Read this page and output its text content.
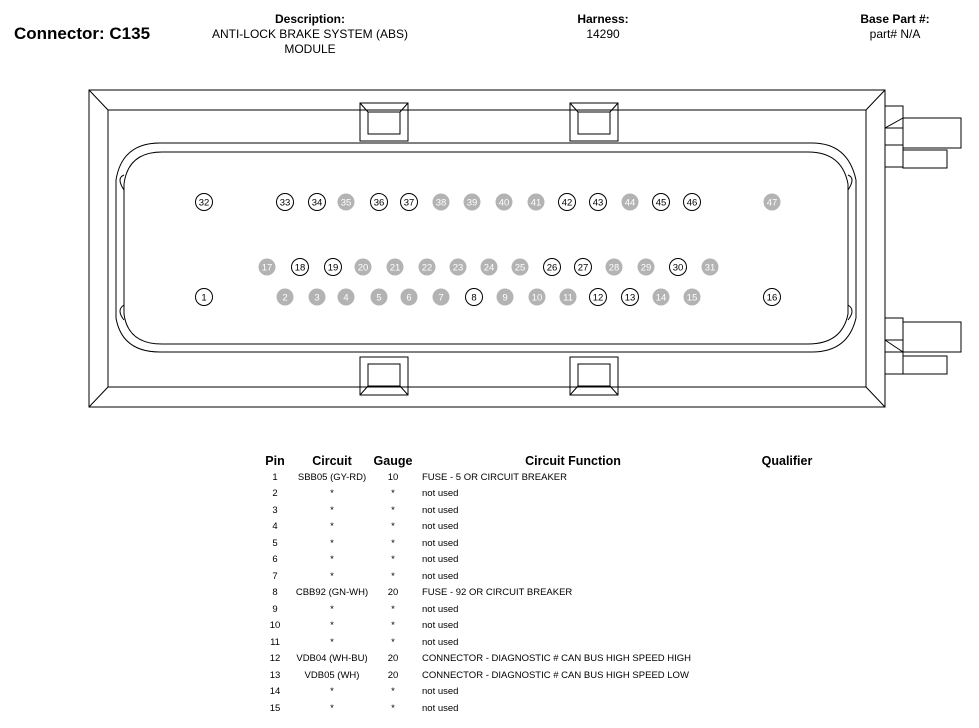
Connector: C135
Description:
ANTI-LOCK BRAKE SYSTEM (ABS)
MODULE
Harness:
14290
Base Part #:
part# N/A
32	33 34 35 36 37 38 39 40 41 42 43 44 45 46	47
17 18 19 20 21 22 23 24 25 26 27 28 29 30 31
1	2	3 4	5	6	7	8	9	10 11 12 13 14 15	16
Pin	Circuit	Gauge	Circuit Function	Qualifier
1	SBB05 (GY-RD)	10	FUSE - 5 OR CIRCUIT BREAKER	
2	*	*	not used	
3	*	*	not used	
4	*	*	not used	
5	*	*	not used	
6	*	*	not used	
7	*	*	not used	
8	CBB92 (GN-WH)	20	FUSE - 92 OR CIRCUIT BREAKER	
9	*	*	not used	
10	*	*	not used	
11	*	*	not used	
12	VDB04 (WH-BU)	20	CONNECTOR - DIAGNOSTIC # CAN BUS HIGH SPEED HIGH	
13	VDB05 (WH)	20	CONNECTOR - DIAGNOSTIC # CAN BUS HIGH SPEED LOW	
14	*	*	not used	
15	*	*	not used	
